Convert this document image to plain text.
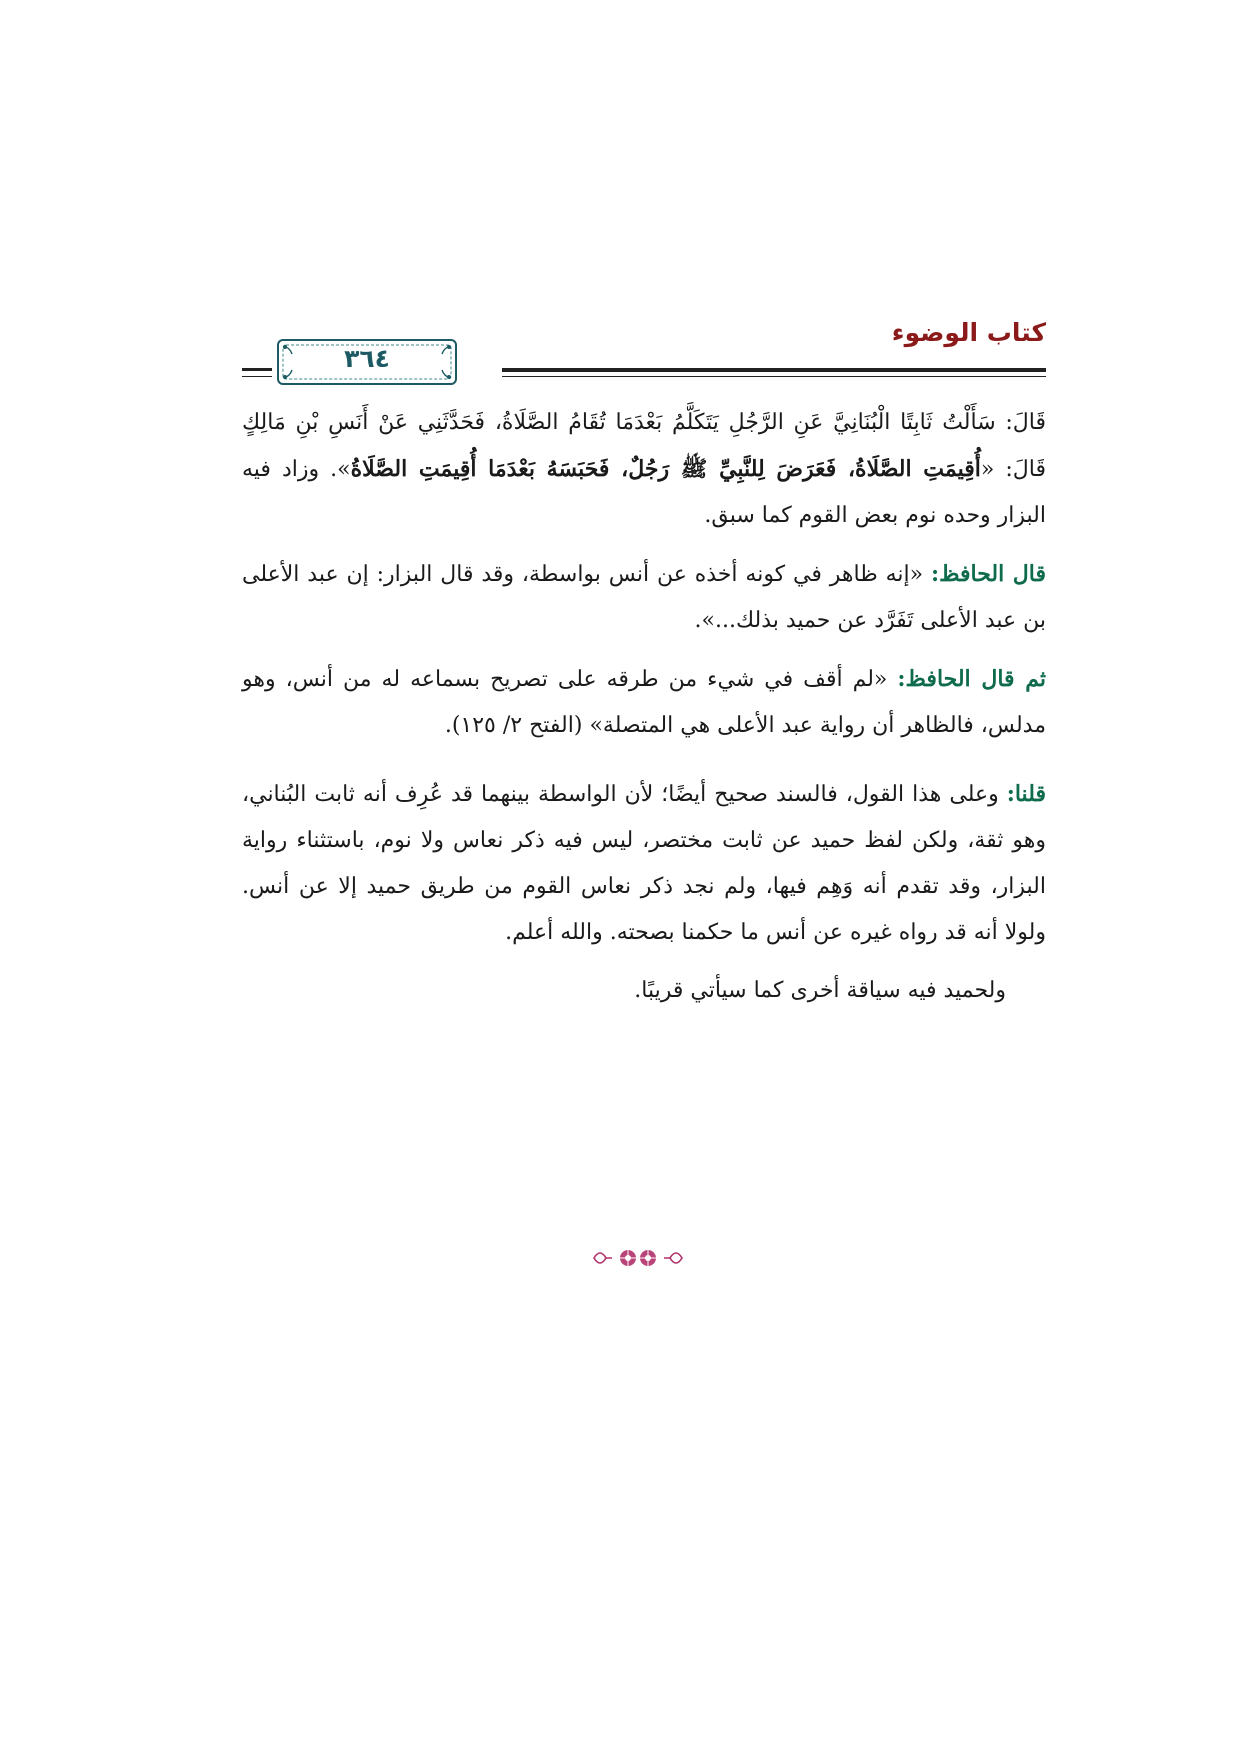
كتاب الوضوء
٣٦٤

قَالَ: سَأَلْتُ ثَابِتًا الْبُنَانِيَّ عَنِ الرَّجُلِ يَتَكَلَّمُ بَعْدَمَا تُقَامُ الصَّلَاةُ، فَحَدَّثَنِي عَنْ أَنَسِ بْنِ مَالِكٍ قَالَ: «أُقِيمَتِ الصَّلَاةُ، فَعَرَضَ لِلنَّبِيِّ ﷺ رَجُلٌ، فَحَبَسَهُ بَعْدَمَا أُقِيمَتِ الصَّلَاةُ». وزاد فيه البزار وحده نوم بعض القوم كما سبق.

قال الحافظ: «إنه ظاهر في كونه أخذه عن أنس بواسطة، وقد قال البزار: إن عبد الأعلى بن عبد الأعلى تَفَرَّد عن حميد بذلك...».

ثم قال الحافظ: «لم أقف في شيء من طرقه على تصريح بسماعه له من أنس، وهو مدلس، فالظاهر أن رواية عبد الأعلى هي المتصلة» (الفتح ٢/ ١٢٥).

قلنا: وعلى هذا القول، فالسند صحيح أيضًا؛ لأن الواسطة بينهما قد عُرِف أنه ثابت البُناني، وهو ثقة، ولكن لفظ حميد عن ثابت مختصر، ليس فيه ذكر نعاس ولا نوم، باستثناء رواية البزار، وقد تقدم أنه وَهِم فيها، ولم نجد ذكر نعاس القوم من طريق حميد إلا عن أنس. ولولا أنه قد رواه غيره عن أنس ما حكمنا بصحته. والله أعلم.

ولحميد فيه سياقة أخرى كما سيأتي قريبًا.
